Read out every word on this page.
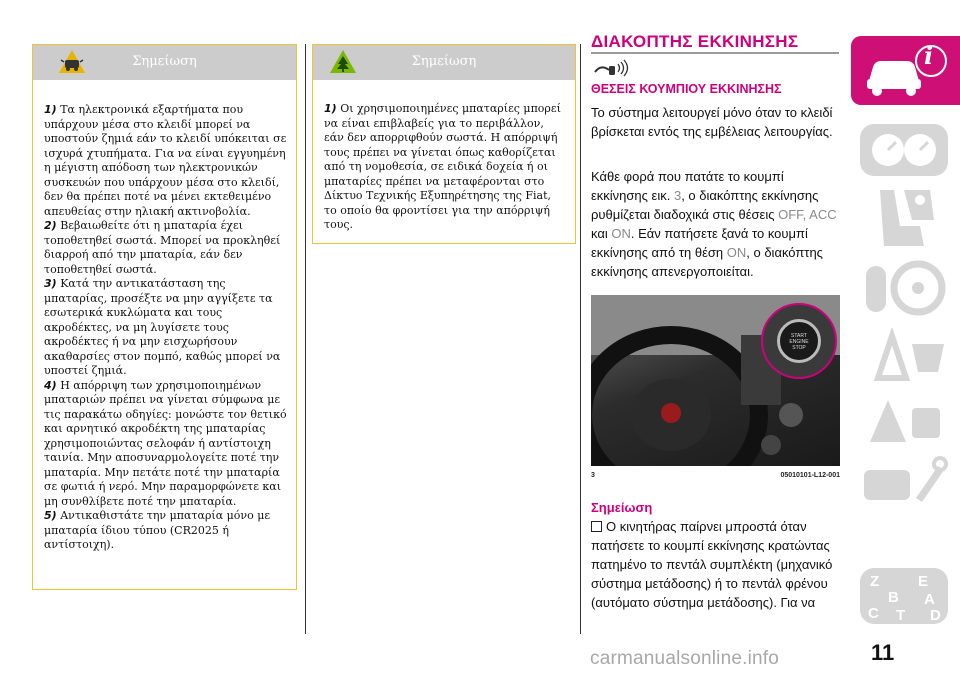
Σημείωση

1) Τα ηλεκτρονικά εξαρτήματα που υπάρχουν μέσα στο κλειδί μπορεί να υποστούν ζημιά εάν το κλειδί υπόκειται σε ισχυρά χτυπήματα. Για να είναι εγγυημένη η μέγιστη απόδοση των ηλεκτρονικών συσκευών που υπάρχουν μέσα στο κλειδί, δεν θα πρέπει ποτέ να μένει εκτεθειμένο απευθείας στην ηλιακή ακτινοβολία.

2) Βεβαιωθείτε ότι η μπαταρία έχει τοποθετηθεί σωστά. Μπορεί να προκληθεί διαρροή από την μπαταρία, εάν δεν τοποθετηθεί σωστά.

3) Κατά την αντικατάσταση της μπαταρίας, προσέξτε να μην αγγίξετε τα εσωτερικά κυκλώματα και τους ακροδέκτες, να μη λυγίσετε τους ακροδέκτες ή να μην εισχωρήσουν ακαθαρσίες στον πομπό, καθώς μπορεί να υποστεί ζημιά.

4) Η απόρριψη των χρησιμοποιημένων μπαταριών πρέπει να γίνεται σύμφωνα με τις παρακάτω οδηγίες: μονώστε τον θετικό και αρνητικό ακροδέκτη της μπαταρίας χρησιμοποιώντας σελοφάν ή αντίστοιχη ταινία. Μην αποσυναρμολογείτε ποτέ την μπαταρία. Μην πετάτε ποτέ την μπαταρία σε φωτιά ή νερό. Μην παραμορφώνετε και μη συνθλίβετε ποτέ την μπαταρία.

5) Αντικαθιστάτε την μπαταρία μόνο με μπαταρία ίδιου τύπου (CR2025 ή αντίστοιχη).

Σημείωση

1) Οι χρησιμοποιημένες μπαταρίες μπορεί να είναι επιβλαβείς για το περιβάλλον, εάν δεν απορριφθούν σωστά. Η απόρριψή τους πρέπει να γίνεται όπως καθορίζεται από τη νομοθεσία, σε ειδικά δοχεία ή οι μπαταρίες πρέπει να μεταφέρονται στο Δίκτυο Τεχνικής Εξυπηρέτησης της Fiat, το οποίο θα φροντίσει για την απόρριψή τους.

ΔΙΑΚΟΠΤΗΣ ΕΚΚΙΝΗΣΗΣ
ΘΕΣΕΙΣ ΚΟΥΜΠΙΟΥ ΕΚΚΙΝΗΣΗΣ
Το σύστημα λειτουργεί μόνο όταν το κλειδί βρίσκεται εντός της εμβέλειας λειτουργίας.
Κάθε φορά που πατάτε το κουμπί εκκίνησης εικ. 3, ο διακόπτης εκκίνησης ρυθμίζεται διαδοχικά στις θέσεις OFF, ACC και ON. Εάν πατήσετε ξανά το κουμπί εκκίνησης από τη θέση ON, ο διακόπτης εκκίνησης απενεργοποιείται.
START
ENGINE
STOP
3	05010101-L12-001
Σημείωση
Ο κινητήρας παίρνει μπροστά όταν πατήσετε το κουμπί εκκίνησης κρατώντας πατημένο το πεντάλ συμπλέκτη (μηχανικό σύστημα μετάδοσης) ή το πεντάλ φρένου (αυτόματο σύστημα μετάδοσης). Για να
i
Z	E
B A
C T D
11
carmanualsonline.info
